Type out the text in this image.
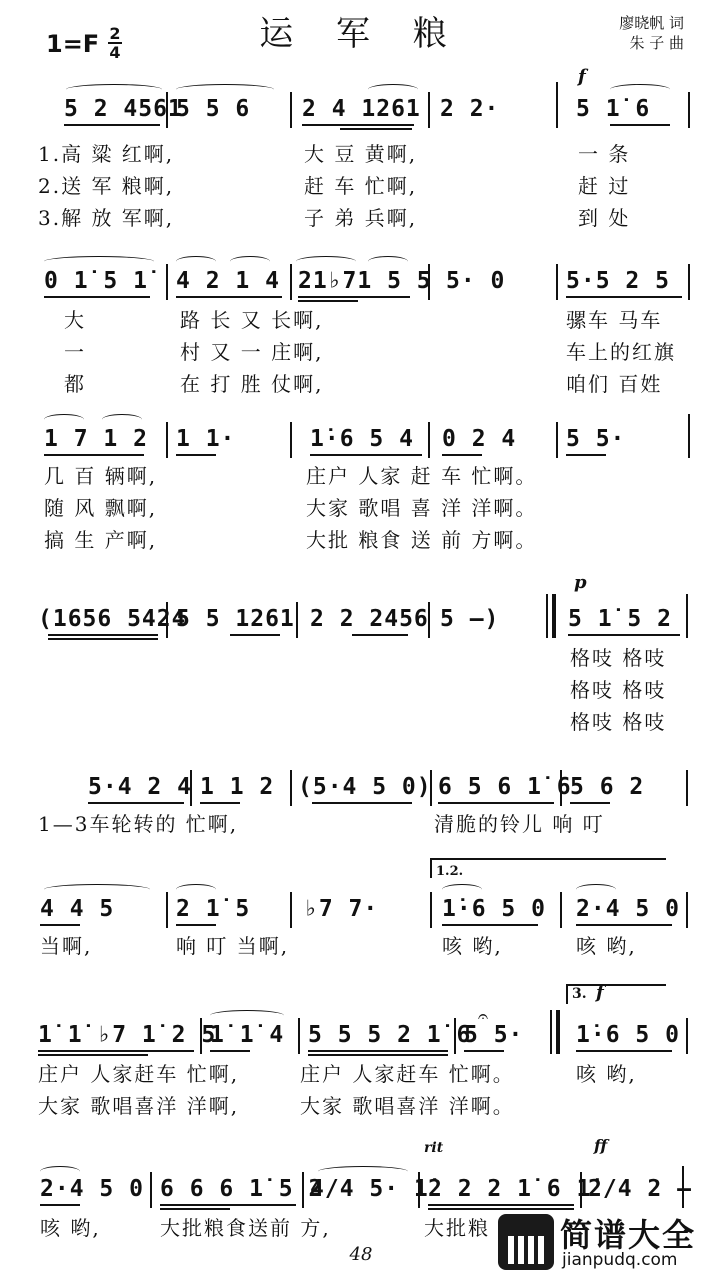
运 军 粮	廖晓帆 词
朱 子 曲
1=F 2
4
f
5 2 4561
5 5 6 2 4 1261 2 2·	5 1̇ 6
1.高 粱 红啊,	大 豆 黄啊,	一 条
2.送 军 粮啊,	赶 车 忙啊,	赶 过
3.解 放 军啊,	子 弟 兵啊,	到 处
0 1̇ 5 1̇ 4 2 1 4 21♭71 5 5 5· 0	5·5 2 5
大	路 长 又 长啊,	骡车 马车
一	村 又 一 庄啊,	车上的红旗
都	在 打 胜 仗啊,	咱们 百姓
1 7 1 2 1 1·	1̇·6 5 4 0 2 4 5 5·
几 百 辆啊,	庄户 人家 赶 车 忙啊。
随 风 飘啊,	大家 歌唱 喜 洋 洋啊。
搞 生 产啊,	大批 粮食 送 前 方啊。
p
(1656 5424
5 5 1261 2 2 2456 5 —)	5 1̇ 5 2
格吱 格吱
格吱 格吱
格吱 格吱
5·4 2 4 1 1 2 (5·4 5 0) 6 5 6 1̇ 6
5 6 2
1—3车轮转的 忙啊,	清脆的铃儿 响 叮
1.2.
4 4 5	2 1̇ 5 ♭7 7·	1̇·6 5 0 2·4 5 0
当啊,	响 叮 当啊,	咳 哟,	咳 哟,
3. f
𝄐
1̇ 1̇ ♭7 1̇ 2 5
1̇ 1̇ 4 5 5 5 2 1̇ 6
5 5· 1̇·6 5 0
庄户 人家赶车 忙啊,	庄户 人家赶车 忙啊。	咳 哟,
大家 歌唱喜洋 洋啊,	大家 歌唱喜洋 洋啊。
rit	ff
2·4 5 0 6 6 6 1̇ 5 2
4/4 5· 1̇ 2 2 2 1̇ 6 1̇
2/4 2 —
咳 哟,	大批粮食送前 方,	大批粮
48
简谱大全
jianpudq.com
